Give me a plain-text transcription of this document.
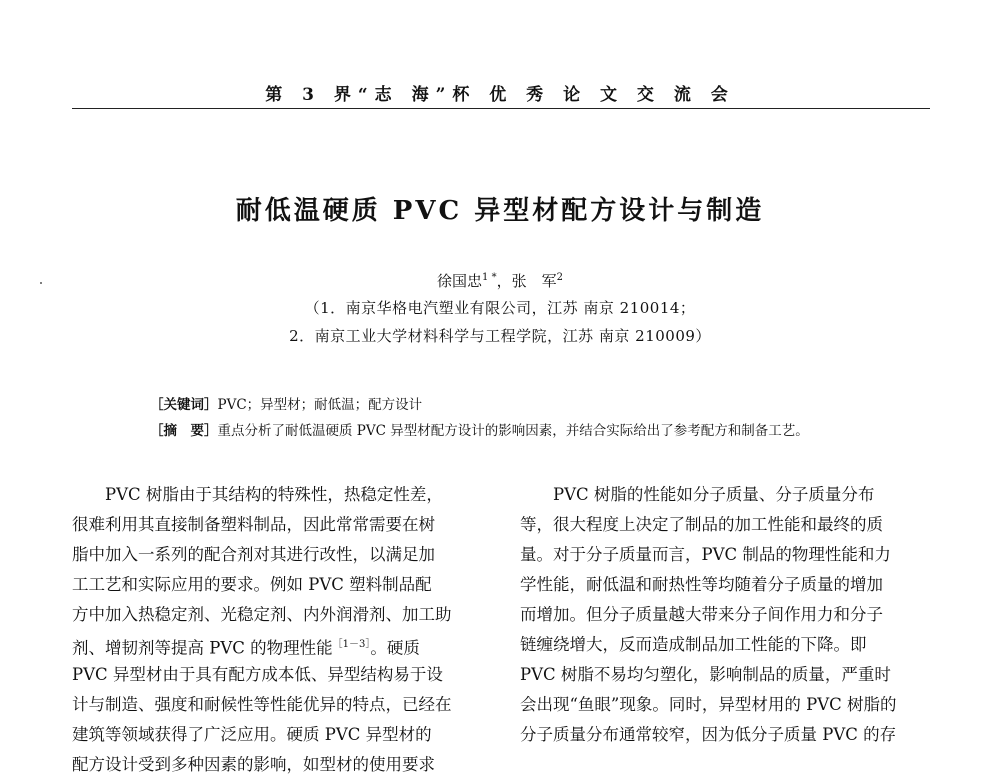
第 3 界“志 海”杯 优 秀 论 文 交 流 会
耐低温硬质 PVC 异型材配方设计与制造
徐国忠$^{1 *}$，张　军$^2$
（1．南京华格电汽塑业有限公司，江苏 南京 210014；
2．南京工业大学材料科学与工程学院，江苏 南京 210009）
［关键词］PVC；异型材；耐低温；配方设计
［摘　要］重点分析了耐低温硬质 PVC 异型材配方设计的影响因素，并结合实际给出了参考配方和制备工艺。
　　PVC 树脂由于其结构的特殊性，热稳定性差，
很难利用其直接制备塑料制品，因此常常需要在树
脂中加入一系列的配合剂对其进行改性，以满足加
工工艺和实际应用的要求。例如 PVC 塑料制品配
方中加入热稳定剂、光稳定剂、内外润滑剂、加工助
剂、增韧剂等提高 PVC 的物理性能$^{[1-3]}$。硬质
PVC 异型材由于具有配方成本低、异型结构易于设
计与制造、强度和耐候性等性能优异的特点，已经在
建筑等领域获得了广泛应用。硬质 PVC 异型材的
配方设计受到多种因素的影响，如型材的使用要求
　　PVC 树脂的性能如分子质量、分子质量分布
等，很大程度上决定了制品的加工性能和最终的质
量。对于分子质量而言，PVC 制品的物理性能和力
学性能，耐低温和耐热性等均随着分子质量的增加
而增加。但分子质量越大带来分子间作用力和分子
链缠绕增大，反而造成制品加工性能的下降。即
PVC 树脂不易均匀塑化，影响制品的质量，严重时
会出现“鱼眼”现象。同时，异型材用的 PVC 树脂的
分子质量分布通常较窄，因为低分子质量 PVC 的存
